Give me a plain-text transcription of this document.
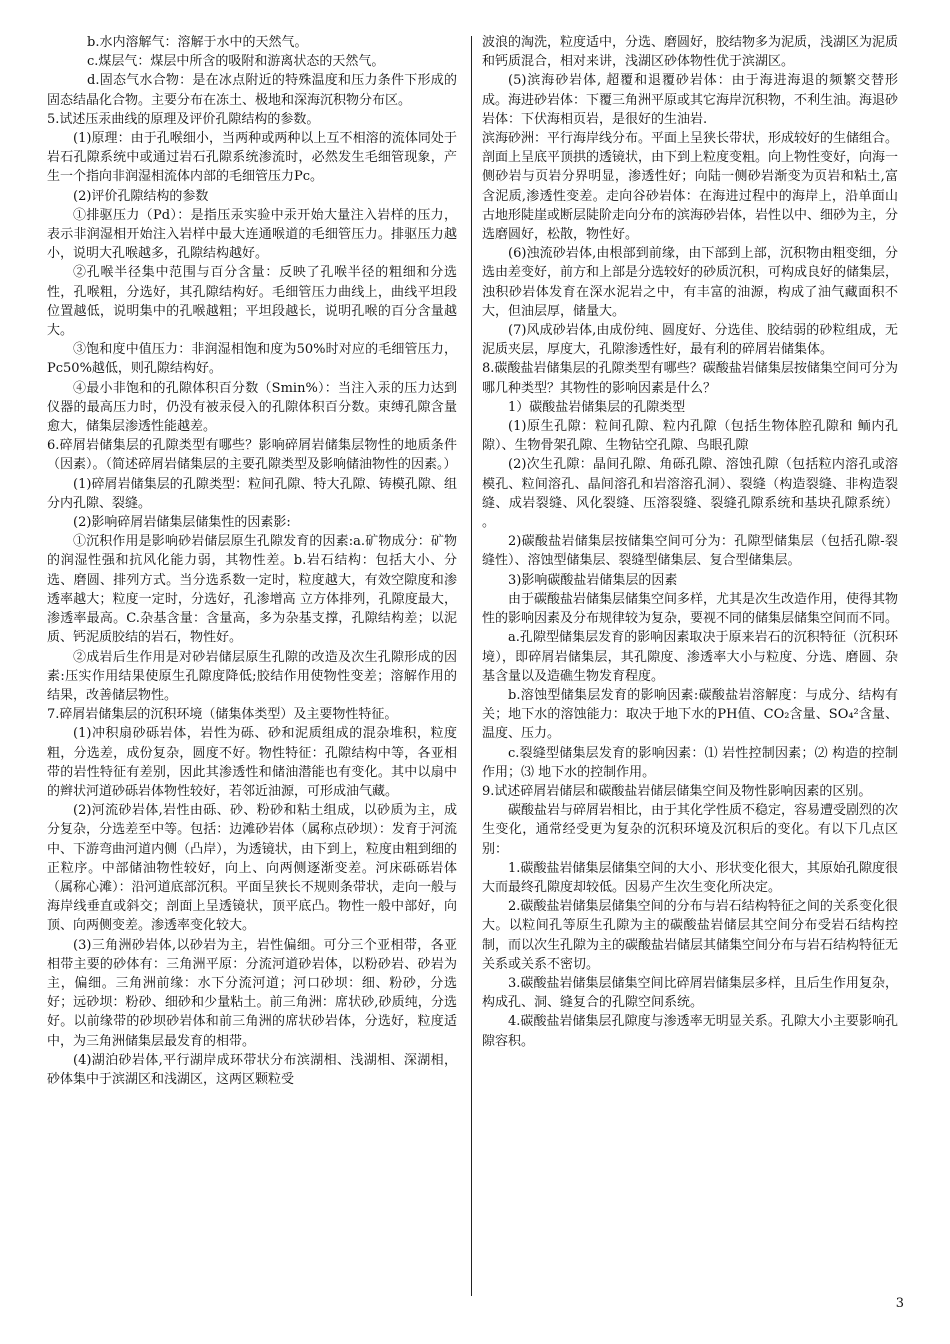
b.水内溶解气：溶解于水中的天然气。

c.煤层气：煤层中所含的吸附和游离状态的天然气。

d.固态气水合物：是在冰点附近的特殊温度和压力条件下形成的固态结晶化合物。主要分布在冻土、极地和深海沉积物分布区。

5.试述压汞曲线的原理及评价孔隙结构的参数。

(1)原理：由于孔喉细小，当两种或两种以上互不相溶的流体同处于岩石孔隙系统中或通过岩石孔隙系统渗流时，必然发生毛细管现象，产生一个指向非润湿相流体内部的毛细管压力Pc。

(2)评价孔隙结构的参数

①排驱压力（Pd）：是指压汞实验中汞开始大量注入岩样的压力，表示非润湿相开始注入岩样中最大连通喉道的毛细管压力。排驱压力越小，说明大孔喉越多，孔隙结构越好。

②孔喉半径集中范围与百分含量：反映了孔喉半径的粗细和分选性，孔喉粗，分选好，其孔隙结构好。毛细管压力曲线上，曲线平坦段位置越低，说明集中的孔喉越粗；平坦段越长，说明孔喉的百分含量越大。

③饱和度中值压力：非润湿相饱和度为50%时对应的毛细管压力，Pc50%越低，则孔隙结构好。

④最小非饱和的孔隙体积百分数（Smin%）：当注入汞的压力达到仪器的最高压力时，仍没有被汞侵入的孔隙体积百分数。束缚孔隙含量愈大，储集层渗透性能越差。

6.碎屑岩储集层的孔隙类型有哪些？影响碎屑岩储集层物性的地质条件（因素）。（简述碎屑岩储集层的主要孔隙类型及影响储油物性的因素。）

(1)碎屑岩储集层的孔隙类型：粒间孔隙、特大孔隙、铸模孔隙、组分内孔隙、裂缝。

(2)影响碎屑岩储集层储集性的因素影:

①沉积作用是影响砂岩储层原生孔隙发育的因素:a.矿物成分：矿物的润湿性强和抗风化能力弱，其物性差。b.岩石结构：包括大小、分选、磨圆、排列方式。当分选系数一定时，粒度越大，有效空隙度和渗透率越大；粒度一定时，分选好，孔渗增高 立方体排列，孔隙度最大，渗透率最高。C.杂基含量：含量高，多为杂基支撑，孔隙结构差；以泥质、钙泥质胶结的岩石，物性好。

②成岩后生作用是对砂岩储层原生孔隙的改造及次生孔隙形成的因素:压实作用结果使原生孔隙度降低;胶结作用使物性变差；溶解作用的结果，改善储层物性。

7.碎屑岩储集层的沉积环境（储集体类型）及主要物性特征。

(1)冲积扇砂砾岩体，岩性为砾、砂和泥质组成的混杂堆积，粒度粗，分选差，成份复杂，圆度不好。物性特征：孔隙结构中等，各亚相带的岩性特征有差别，因此其渗透性和储油潜能也有变化。其中以扇中的辫状河道砂砾岩体物性较好，若邻近油源，可形成油气藏。

(2)河流砂岩体,岩性由砾、砂、粉砂和粘土组成，以砂质为主，成分复杂，分选差至中等。包括：边滩砂岩体（属称点砂坝）：发育于河流中、下游弯曲河道内侧（凸岸），为透镜状，由下到上，粒度由粗到细的正粒序。中部储油物性较好，向上、向两侧逐渐变差。河床砾砾岩体（属称心滩）：沿河道底部沉积。平面呈狭长不规则条带状，走向一般与海岸线垂直或斜交；剖面上呈透镜状，顶平底凸。物性一般中部好，向顶、向两侧变差。渗透率变化较大。

(3)三角洲砂岩体,以砂岩为主，岩性偏细。可分三个亚相带，各亚相带主要的砂体有：三角洲平原：分流河道砂岩体，以粉砂岩、砂岩为主，偏细。三角洲前缘：水下分流河道；河口砂坝：细、粉砂，分选好；远砂坝：粉砂、细砂和少量粘土。前三角洲：席状砂,砂质纯，分选好。以前缘带的砂坝砂岩体和前三角洲的席状砂岩体，分选好，粒度适中，为三角洲储集层最发育的相带。

(4)湖泊砂岩体,平行湖岸成环带状分布滨湖相、浅湖相、深湖相，砂体集中于滨湖区和浅湖区，这两区颗粒受

波浪的淘洗，粒度适中，分选、磨圆好，胶结物多为泥质，浅湖区为泥质和钙质混合，相对来讲，浅湖区砂体物性优于滨湖区。

(5)滨海砂岩体, 超覆和退覆砂岩体：由于海进海退的频繁交替形成。海进砂岩体：下覆三角洲平原或其它海岸沉积物，不利生油。海退砂岩体：下伏海相页岩，是很好的生油岩.

滨海砂洲：平行海岸线分布。平面上呈狭长带状，形成较好的生储组合。剖面上呈底平顶拱的透镜状，由下到上粒度变粗。向上物性变好，向海一侧砂岩与页岩分界明显，渗透性好；向陆一侧砂岩渐变为页岩和粘土,富含泥质,渗透性变差。走向谷砂岩体：在海进过程中的海岸上，沿单面山古地形陡崖或断层陡阶走向分布的滨海砂岩体，岩性以中、细砂为主，分选磨圆好，松散，物性好。

(6)浊流砂岩体,由根部到前缘，由下部到上部，沉积物由粗变细，分选由差变好，前方和上部是分选较好的砂质沉积，可构成良好的储集层，浊积砂岩体发育在深水泥岩之中，有丰富的油源，构成了油气藏面积不大，但油层厚，储量大。

(7)风成砂岩体,由成份纯、圆度好、分选佳、胶结弱的砂粒组成，无泥质夹层，厚度大，孔隙渗透性好，最有利的碎屑岩储集体。

8.碳酸盐岩储集层的孔隙类型有哪些？碳酸盐岩储集层按储集空间可分为哪几种类型？其物性的影响因素是什么？

1）碳酸盐岩储集层的孔隙类型

(1)原生孔隙：粒间孔隙、粒内孔隙（包括生物体腔孔隙和 鲕内孔隙）、生物骨架孔隙、生物钻空孔隙、鸟眼孔隙

(2)次生孔隙：晶间孔隙、角砾孔隙、溶蚀孔隙（包括粒内溶孔或溶模孔、粒间溶孔、晶间溶孔和岩溶溶孔洞）、裂缝（构造裂缝、非构造裂缝、成岩裂缝、风化裂缝、压溶裂缝、裂缝孔隙系统和基块孔隙系统） 。

2)碳酸盐岩储集层按储集空间可分为：孔隙型储集层（包括孔隙-裂缝性）、溶蚀型储集层、裂缝型储集层、复合型储集层。

3)影响碳酸盐岩储集层的因素

由于碳酸盐岩储集层储集空间多样，尤其是次生改造作用，使得其物性的影响因素及分布规律较为复杂，要视不同的储集层储集空间而不同。

a.孔隙型储集层发育的影响因素取决于原来岩石的沉积特征（沉积环境），即碎屑岩储集层，其孔隙度、渗透率大小与粒度、分选、磨圆、杂基含量以及造礁生物发育程度。

b.溶蚀型储集层发育的影响因素:碳酸盐岩溶解度：与成分、结构有关；地下水的溶蚀能力：取决于地下水的PH值、CO₂含量、SO₄²含量、温度、压力。

c.裂缝型储集层发育的影响因素：⑴ 岩性控制因素；⑵ 构造的控制作用；⑶ 地下水的控制作用。

9.试述碎屑岩储层和碳酸盐岩储层储集空间及物性影响因素的区别。

碳酸盐岩与碎屑岩相比，由于其化学性质不稳定，容易遭受剧烈的次生变化，通常经受更为复杂的沉积环境及沉积后的变化。有以下几点区别：

1.碳酸盐岩储集层储集空间的大小、形状变化很大，其原始孔隙度很大而最终孔隙度却较低。因易产生次生变化所决定。

2.碳酸盐岩储集层储集空间的分布与岩石结构特征之间的关系变化很大。以粒间孔等原生孔隙为主的碳酸盐岩储层其空间分布受岩石结构控制，而以次生孔隙为主的碳酸盐岩储层其储集空间分布与岩石结构特征无关系或关系不密切。

3.碳酸盐岩储集层储集空间比碎屑岩储集层多样，且后生作用复杂，构成孔、洞、缝复合的孔隙空间系统。

4.碳酸盐岩储集层孔隙度与渗透率无明显关系。孔隙大小主要影响孔隙容积。

3
